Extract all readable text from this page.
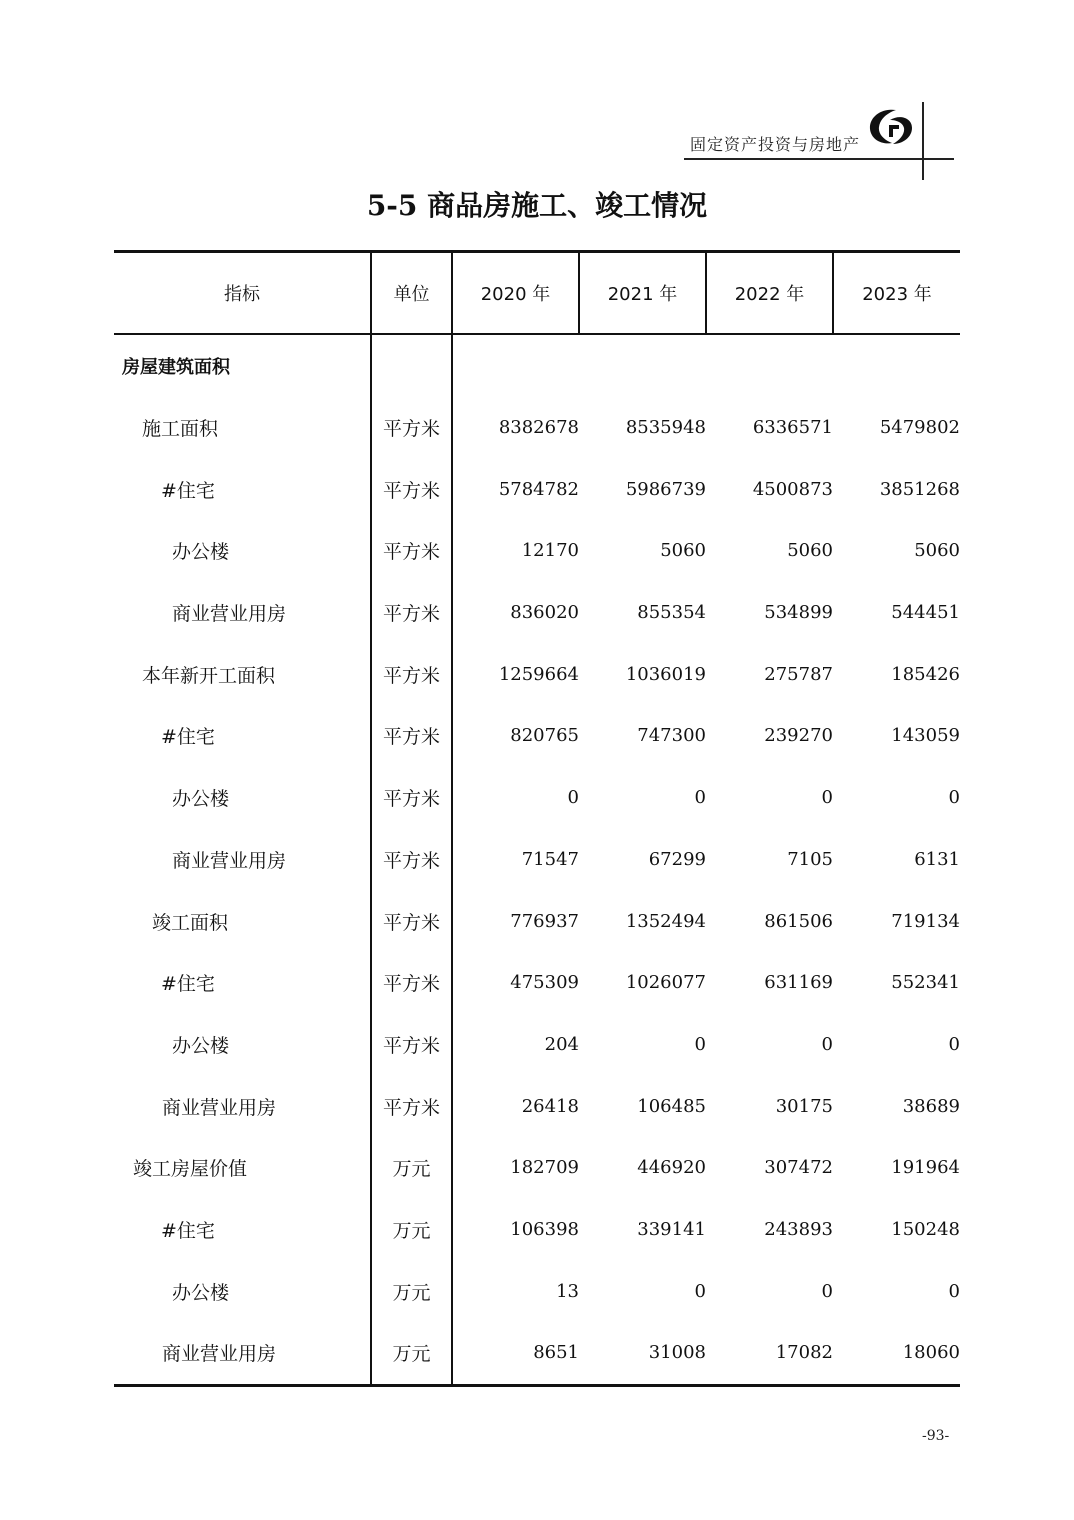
固定资产投资与房地产
5-5 商品房施工、竣工情况
指标	单位	2020 年	2021 年	2022 年	2023 年
房屋建筑面积					
施工面积	平方米	8382678	8535948	6336571	5479802
#住宅	平方米	5784782	5986739	4500873	3851268
办公楼	平方米	12170	5060	5060	5060
商业营业用房	平方米	836020	855354	534899	544451
本年新开工面积	平方米	1259664	1036019	275787	185426
#住宅	平方米	820765	747300	239270	143059
办公楼	平方米	0	0	0	0
商业营业用房	平方米	71547	67299	7105	6131
竣工面积	平方米	776937	1352494	861506	719134
#住宅	平方米	475309	1026077	631169	552341
办公楼	平方米	204	0	0	0
商业营业用房	平方米	26418	106485	30175	38689
竣工房屋价值	万元	182709	446920	307472	191964
#住宅	万元	106398	339141	243893	150248
办公楼	万元	13	0	0	0
商业营业用房	万元	8651	31008	17082	18060
-93-
